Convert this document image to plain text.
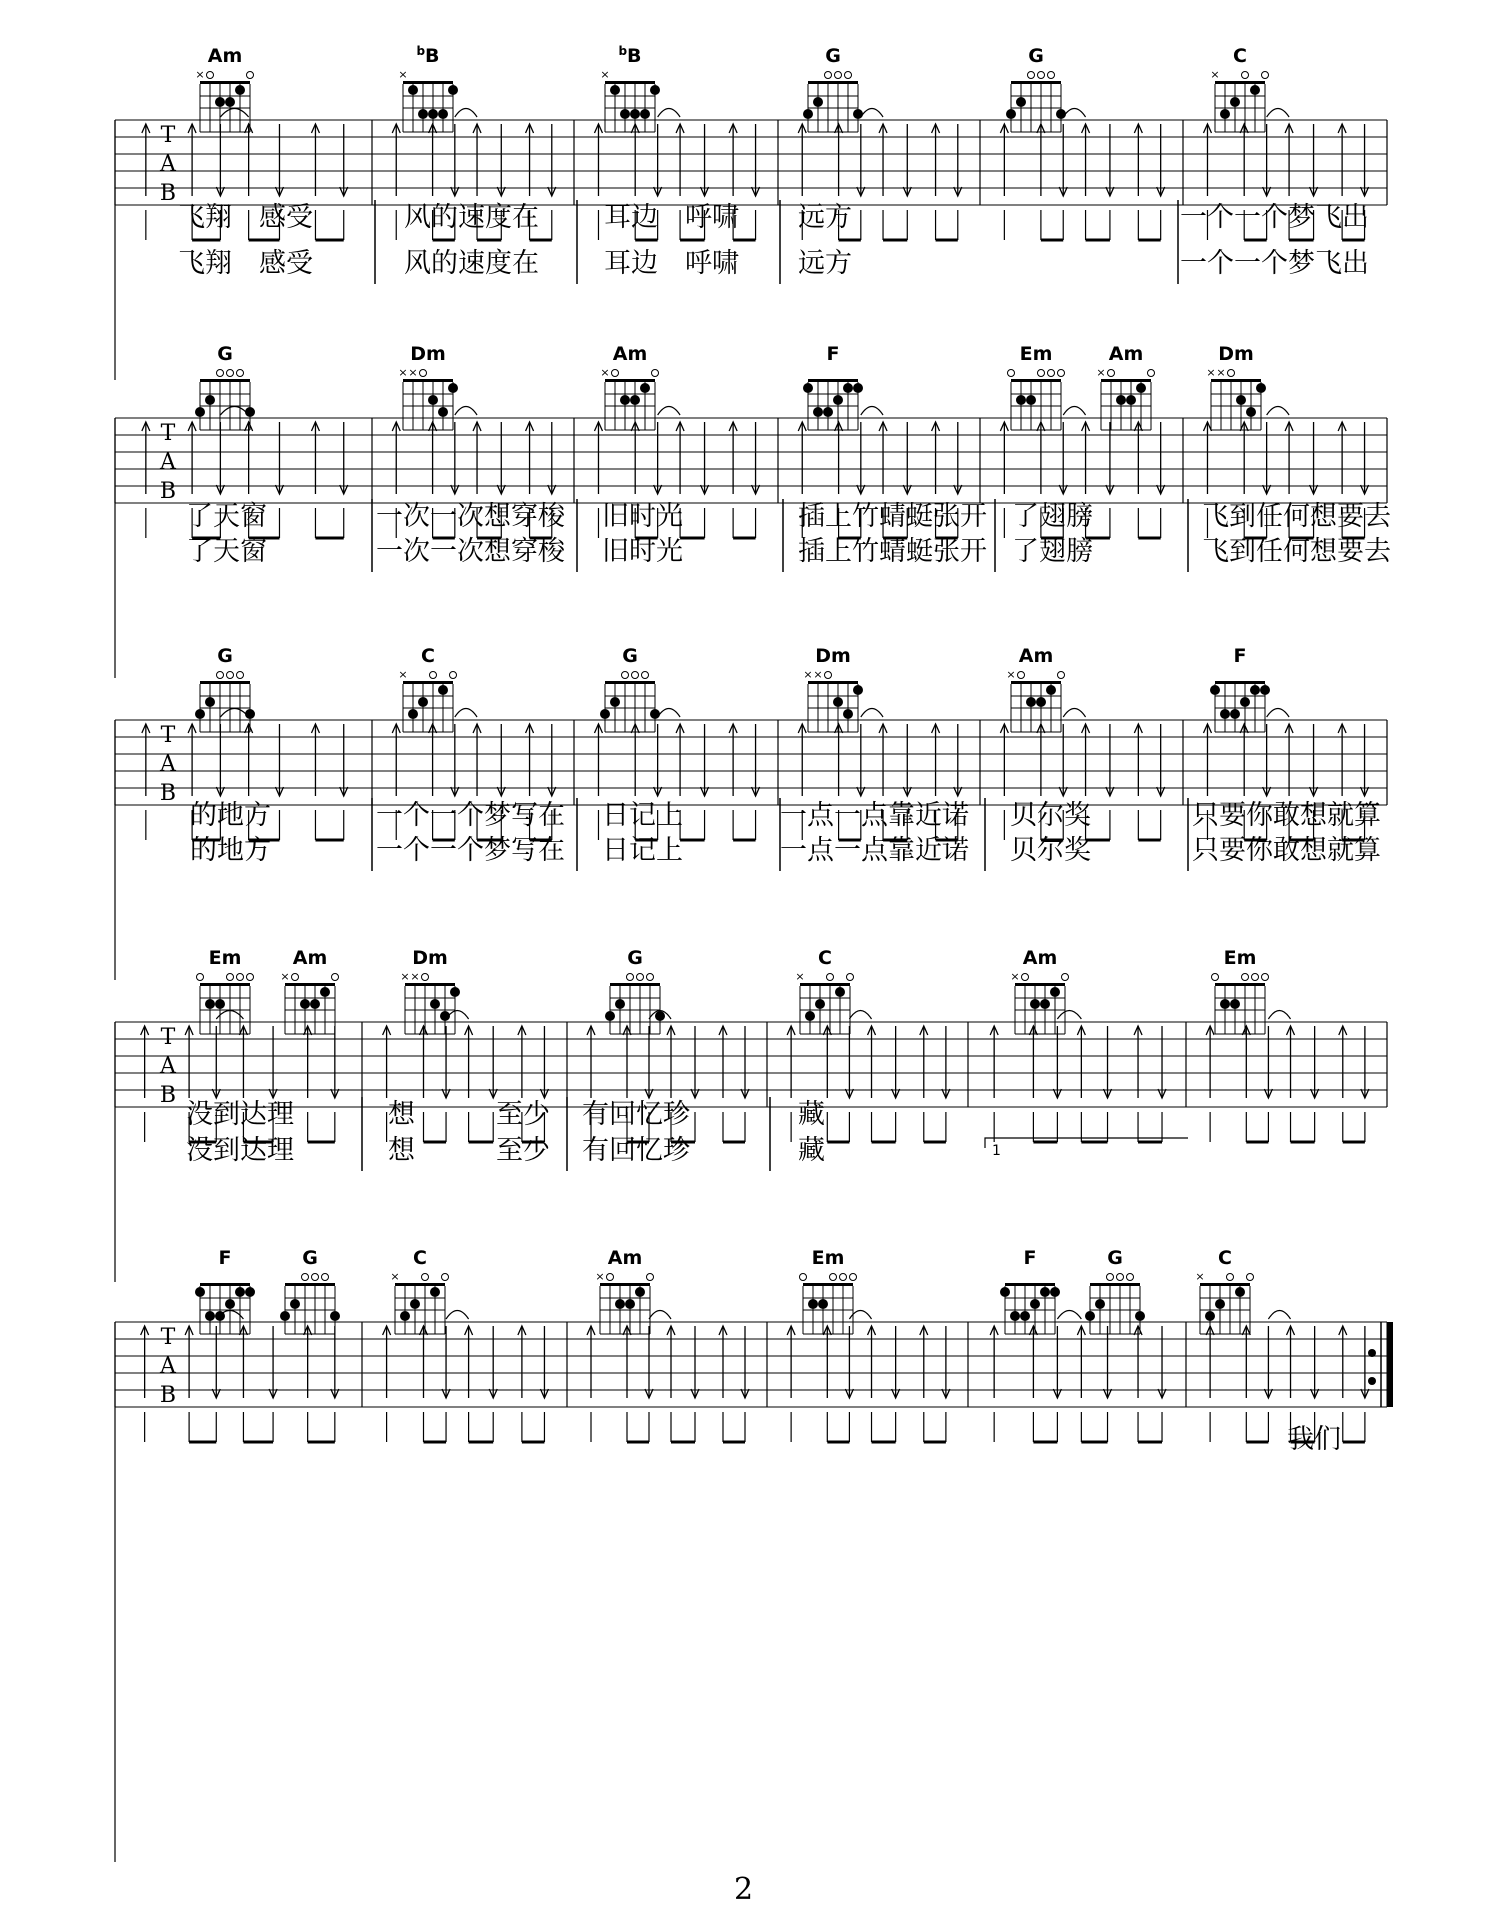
T
A
B
Am
×
$^b$B
×
$^b$B
×
G	G	C
×
T
A
B
G	Dm
× ×
Am
×
F	Em	Am
×
Dm
× ×
T
A
B
G	C
×
G	Dm
× ×
Am
×
F
T
A
B
Em	Am
×
Dm
× ×
G	C
×
Am
×
Em
T
A
B
F	G	C
×
Am
×
Em	F	G	C
×
1
飞翔　感受	风的速度在 耳边　呼啸 远方	一个一个梦飞出
飞翔　感受	风的速度在 耳边　呼啸 远方	一个一个梦飞出
了天窗	一次一次想穿梭 旧时光	插上竹蜻蜓张开 了翅膀	飞到任何想要去
了天窗	一次一次想穿梭 旧时光	插上竹蜻蜓张开 了翅膀	飞到任何想要去
的地方	一个一个梦写在 日记上	一点一点靠近诺 贝尔奖	只要你敢想就算
的地方	一个一个梦写在 日记上	一点一点靠近诺 贝尔奖	只要你敢想就算
没到达理	想　　　至少 有回忆珍	藏
没到达理	想　　　至少 有回忆珍	藏
我们
2
